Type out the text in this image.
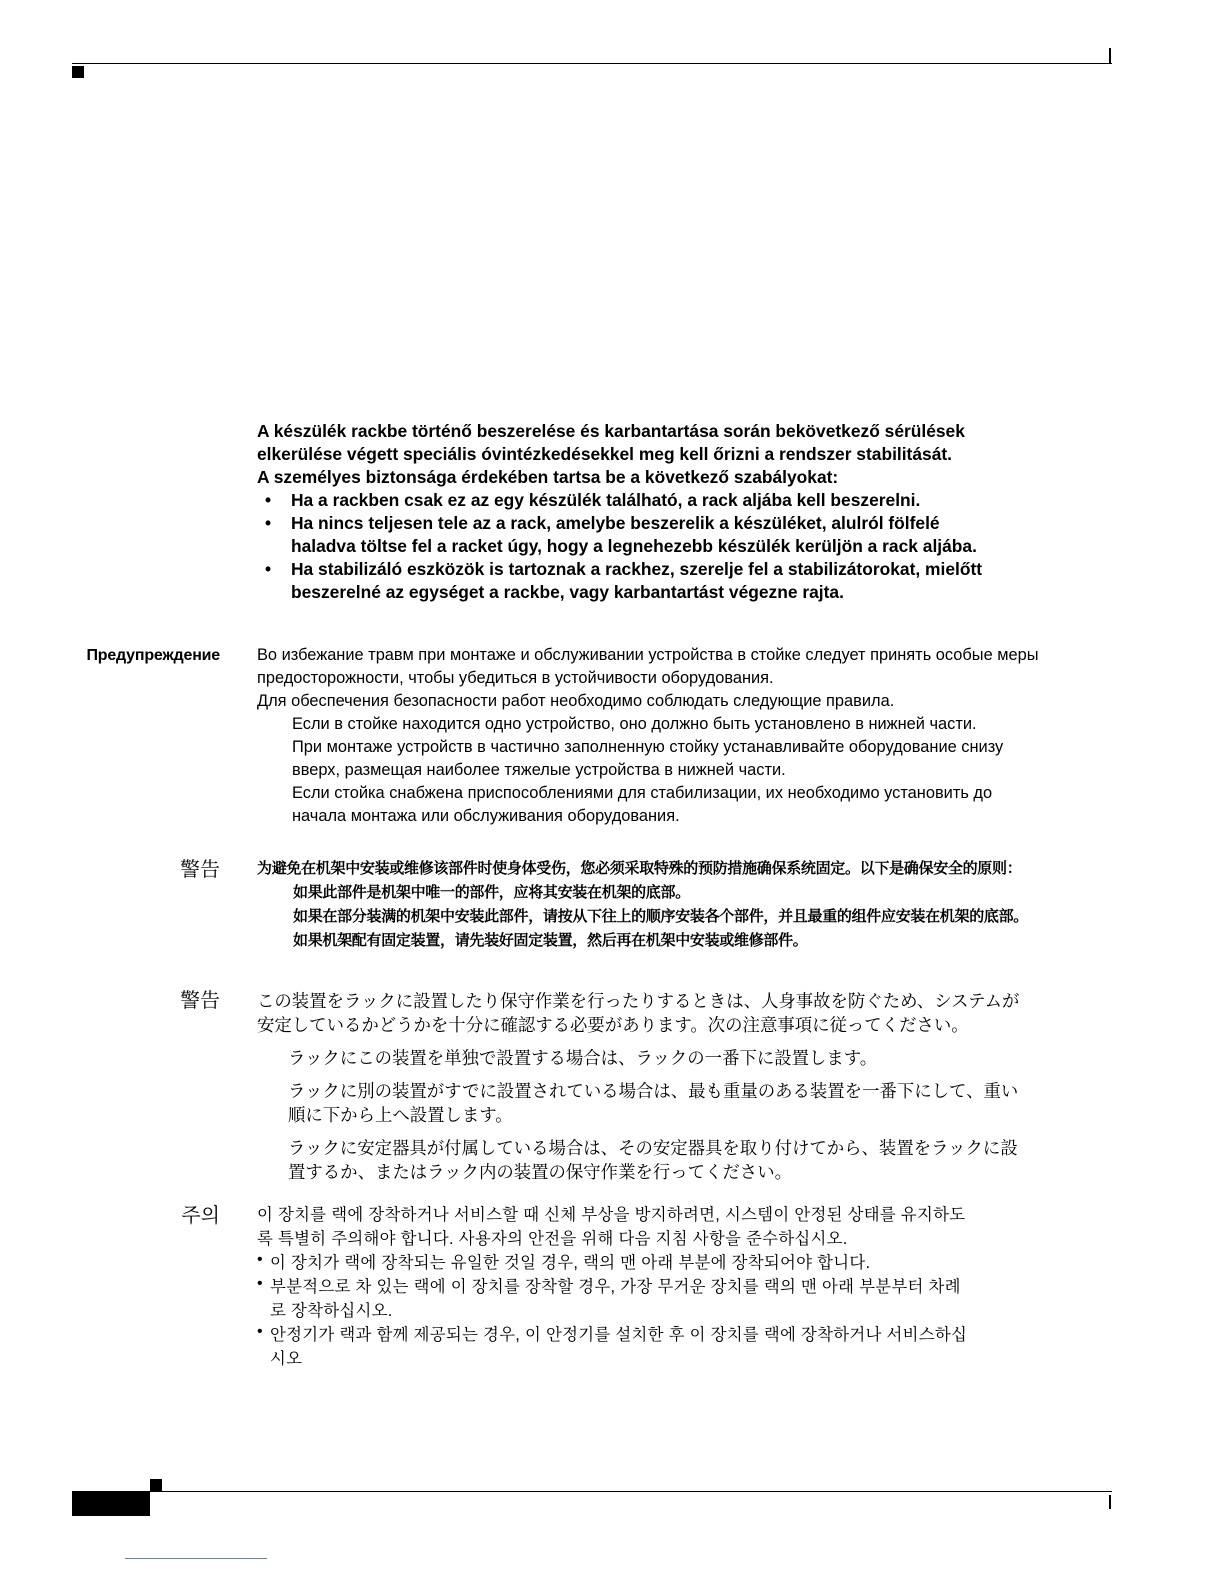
A készülék rackbe történő beszerelése és karbantartása során bekövetkező sérülések

elkerülése végett speciális óvintézkedésekkel meg kell őrizni a rendszer stabilitását.

A személyes biztonsága érdekében tartsa be a következő szabályokat:

• Ha a rackben csak ez az egy készülék található, a rack aljába kell beszerelni.
• Ha nincs teljesen tele az a rack, amelybe beszerelik a készüléket, alulról fölfelé
haladva töltse fel a racket úgy, hogy a legnehezebb készülék kerüljön a rack aljába.
• Ha stabilizáló eszközök is tartoznak a rackhez, szerelje fel a stabilizátorokat, mielőtt
beszerelné az egységet a rackbe, vagy karbantartást végezne rajta.
Предупреждение Во избежание травм при монтаже и обслуживании устройства в стойке следует принять особые меры

предосторожности, чтобы убедиться в устойчивости оборудования.

Для обеспечения безопасности работ необходимо соблюдать следующие правила.

Если в стойке находится одно устройство, оно должно быть установлено в нижней части.

При монтаже устройств в частично заполненную стойку устанавливайте оборудование снизу

вверх, размещая наиболее тяжелые устройства в нижней части.

Если стойка снабжена приспособлениями для стабилизации, их необходимо установить до

начала монтажа или обслуживания оборудования.

警告 为避免在机架中安装或维修该部件时使身体受伤，您必须采取特殊的预防措施确保系统固定。以下是确保安全的原则：

如果此部件是机架中唯一的部件，应将其安装在机架的底部。

如果在部分装满的机架中安装此部件，请按从下往上的顺序安装各个部件，并且最重的组件应安装在机架的底部。

如果机架配有固定装置，请先装好固定装置，然后再在机架中安装或维修部件。

警告 この装置をラックに設置したり保守作業を行ったりするときは、人身事故を防ぐため、システムが

安定しているかどうかを十分に確認する必要があります。次の注意事項に従ってください。

ラックにこの装置を単独で設置する場合は、ラックの一番下に設置します。

ラックに別の装置がすでに設置されている場合は、最も重量のある装置を一番下にして、重い

順に下から上へ設置します。

ラックに安定器具が付属している場合は、その安定器具を取り付けてから、装置をラックに設

置するか、またはラック内の装置の保守作業を行ってください。

주의 이 장치를 랙에 장착하거나 서비스할 때 신체 부상을 방지하려면, 시스템이 안정된 상태를 유지하도

록 특별히 주의해야 합니다. 사용자의 안전을 위해 다음 지침 사항을 준수하십시오.

• 이 장치가 랙에 장착되는 유일한 것일 경우, 랙의 맨 아래 부분에 장착되어야 합니다.

• 부분적으로 차 있는 랙에 이 장치를 장착할 경우, 가장 무거운 장치를 랙의 맨 아래 부분부터 차례

로 장착하십시오.

• 안정기가 랙과 함께 제공되는 경우, 이 안정기를 설치한 후 이 장치를 랙에 장착하거나 서비스하십

시오
